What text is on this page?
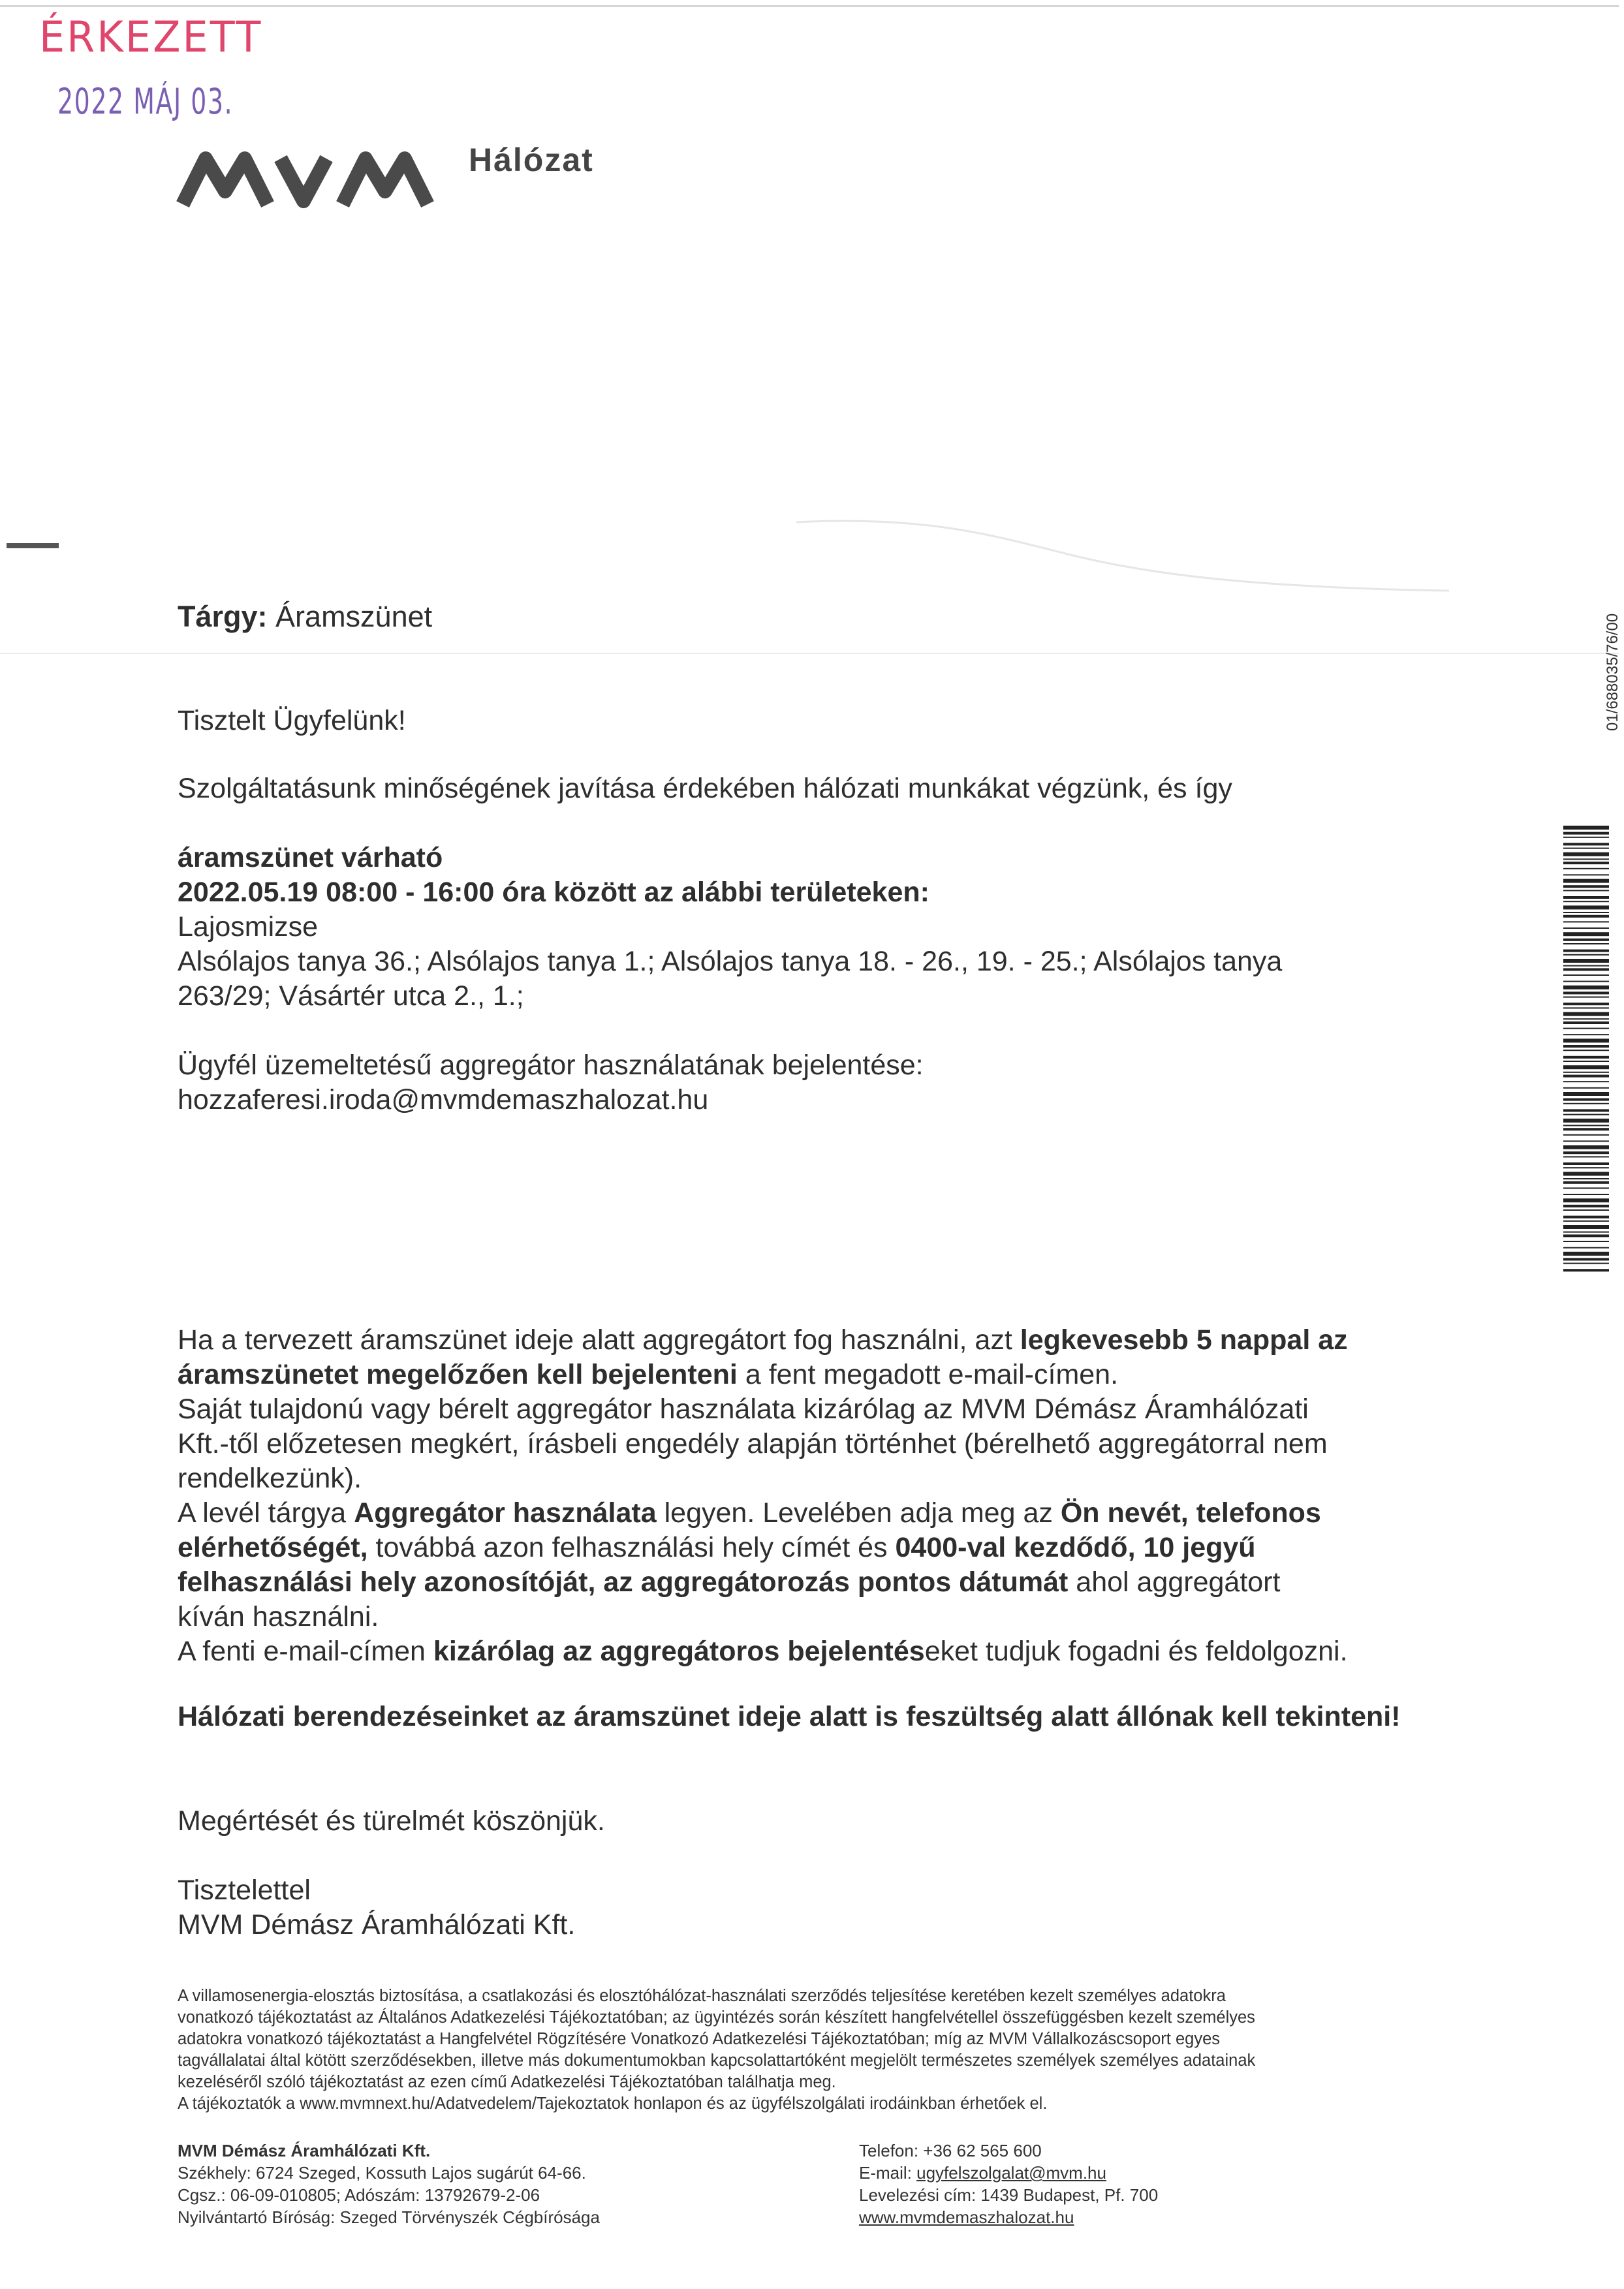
ÉRKEZETT
2022 MÁJ 03.
Hálózat
01/688035/76/00
Tárgy: Áramszünet
Tisztelt Ügyfelünk!
Szolgáltatásunk minőségének javítása érdekében hálózati munkákat végzünk, és így
áramszünet várható
2022.05.19 08:00 - 16:00 óra között az alábbi területeken:
Lajosmizse
Alsólajos tanya 36.; Alsólajos tanya 1.; Alsólajos tanya 18. - 26., 19. - 25.; Alsólajos tanya
263/29; Vásártér utca 2., 1.;
Ügyfél üzemeltetésű aggregátor használatának bejelentése:
hozzaferesi.iroda@mvmdemaszhalozat.hu
Ha a tervezett áramszünet ideje alatt aggregátort fog használni, azt legkevesebb 5 nappal az
áramszünetet megelőzően kell bejelenteni a fent megadott e-mail-címen.
Saját tulajdonú vagy bérelt aggregátor használata kizárólag az MVM Démász Áramhálózati
Kft.-től előzetesen megkért, írásbeli engedély alapján történhet (bérelhető aggregátorral nem
rendelkezünk).
A levél tárgya Aggregátor használata legyen. Levelében adja meg az Ön nevét, telefonos
elérhetőségét, továbbá azon felhasználási hely címét és 0400-val kezdődő, 10 jegyű
felhasználási hely azonosítóját, az aggregátorozás pontos dátumát ahol aggregátort
kíván használni.
A fenti e-mail-címen kizárólag az aggregátoros bejelentéseket tudjuk fogadni és feldolgozni.
Hálózati berendezéseinket az áramszünet ideje alatt is feszültség alatt állónak kell tekinteni!
Megértését és türelmét köszönjük.
Tisztelettel
MVM Démász Áramhálózati Kft.
A villamosenergia-elosztás biztosítása, a csatlakozási és elosztóhálózat-használati szerződés teljesítése keretében kezelt személyes adatokra
vonatkozó tájékoztatást az Általános Adatkezelési Tájékoztatóban; az ügyintézés során készített hangfelvétellel összefüggésben kezelt személyes
adatokra vonatkozó tájékoztatást a Hangfelvétel Rögzítésére Vonatkozó Adatkezelési Tájékoztatóban; míg az MVM Vállalkozáscsoport egyes
tagvállalatai által kötött szerződésekben, illetve más dokumentumokban kapcsolattartóként megjelölt természetes személyek személyes adatainak
kezeléséről szóló tájékoztatást az ezen című Adatkezelési Tájékoztatóban találhatja meg.
A tájékoztatók a www.mvmnext.hu/Adatvedelem/Tajekoztatok honlapon és az ügyfélszolgálati irodáinkban érhetőek el.
MVM Démász Áramhálózati Kft.
Székhely: 6724 Szeged, Kossuth Lajos sugárút 64-66.
Cgsz.: 06-09-010805; Adószám: 13792679-2-06
Nyilvántartó Bíróság: Szeged Törvényszék Cégbírósága
Telefon: +36 62 565 600
E-mail: ugyfelszolgalat@mvm.hu
Levelezési cím: 1439 Budapest, Pf. 700
www.mvmdemaszhalozat.hu
